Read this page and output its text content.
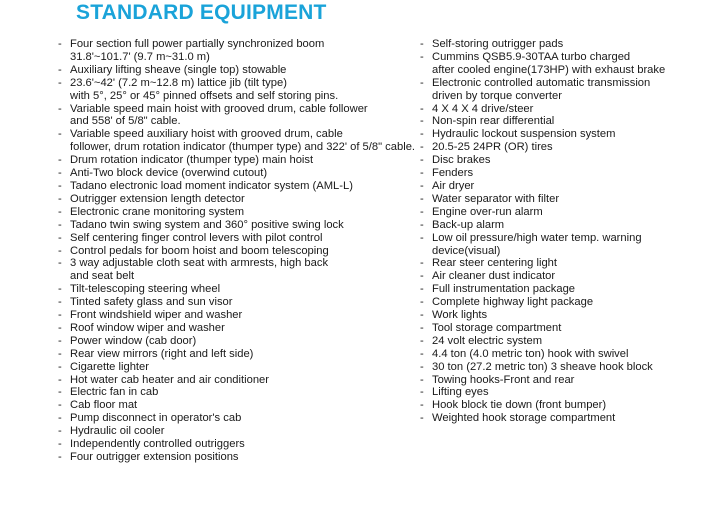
STANDARD EQUIPMENT
- Four section full power partially synchronized boom
31.8'~101.7' (9.7 m~31.0 m)
- Auxiliary lifting sheave (single top) stowable
- 23.6'~42' (7.2 m~12.8 m) lattice jib (tilt type)
with 5°, 25° or 45° pinned offsets and self storing pins.
- Variable speed main hoist with grooved drum, cable follower
and 558' of 5/8" cable.
- Variable speed auxiliary hoist with grooved drum, cable
follower, drum rotation indicator (thumper type) and 322' of 5/8" cable.
- Drum rotation indicator (thumper type) main hoist
- Anti-Two block device (overwind cutout)
- Tadano electronic load moment indicator system (AML-L)
- Outrigger extension length detector
- Electronic crane monitoring system
- Tadano twin swing system and 360° positive swing lock
- Self centering finger control levers with pilot control
- Control pedals for boom hoist and boom telescoping
- 3 way adjustable cloth seat with armrests, high back
and seat belt
- Tilt-telescoping steering wheel
- Tinted safety glass and sun visor
- Front windshield wiper and washer
- Roof window wiper and washer
- Power window (cab door)
- Rear view mirrors (right and left side)
- Cigarette lighter
- Hot water cab heater and air conditioner
- Electric fan in cab
- Cab floor mat
- Pump disconnect in operator's cab
- Hydraulic oil cooler
- Independently controlled outriggers
- Four outrigger extension positions
- Self-storing outrigger pads
- Cummins QSB5.9-30TAA turbo charged
after cooled engine(173HP) with exhaust brake
- Electronic controlled automatic transmission
driven by torque converter
- 4 X 4 X 4 drive/steer
- Non-spin rear differential
- Hydraulic lockout suspension system
- 20.5-25 24PR (OR) tires
- Disc brakes
- Fenders
- Air dryer
- Water separator with filter
- Engine over-run alarm
- Back-up alarm
- Low oil pressure/high water temp. warning
device(visual)
- Rear steer centering light
- Air cleaner dust indicator
- Full instrumentation package
- Complete highway light package
- Work lights
- Tool storage compartment
- 24 volt electric system
- 4.4 ton (4.0 metric ton) hook with swivel
- 30 ton (27.2 metric ton) 3 sheave hook block
- Towing hooks-Front and rear
- Lifting eyes
- Hook block tie down (front bumper)
- Weighted hook storage compartment
